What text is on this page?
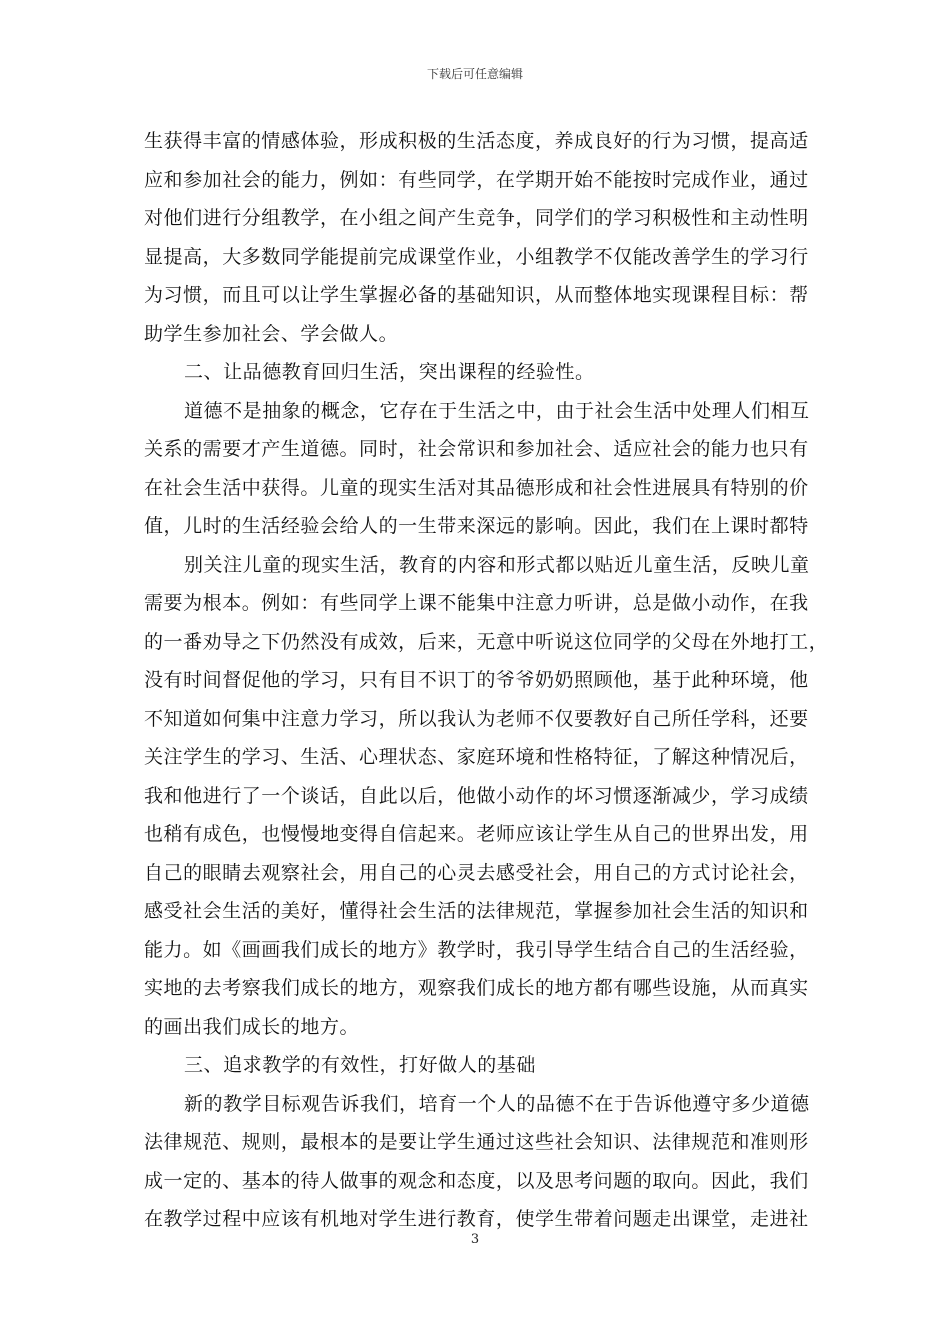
下载后可任意编辑
生获得丰富的情感体验，形成积极的生活态度，养成良好的行为习惯，提高适
应和参加社会的能力，例如：有些同学，在学期开始不能按时完成作业，通过
对他们进行分组教学，在小组之间产生竞争，同学们的学习积极性和主动性明
显提高，大多数同学能提前完成课堂作业，小组教学不仅能改善学生的学习行
为习惯，而且可以让学生掌握必备的基础知识，从而整体地实现课程目标：帮
助学生参加社会、学会做人。
二、让品德教育回归生活，突出课程的经验性。
道德不是抽象的概念，它存在于生活之中，由于社会生活中处理人们相互
关系的需要才产生道德。同时，社会常识和参加社会、适应社会的能力也只有
在社会生活中获得。儿童的现实生活对其品德形成和社会性进展具有特别的价
值，儿时的生活经验会给人的一生带来深远的影响。因此，我们在上课时都特
别关注儿童的现实生活，教育的内容和形式都以贴近儿童生活，反映儿童
需要为根本。例如：有些同学上课不能集中注意力听讲，总是做小动作，在我
的一番劝导之下仍然没有成效，后来，无意中听说这位同学的父母在外地打工，
没有时间督促他的学习，只有目不识丁的爷爷奶奶照顾他，基于此种环境，他
不知道如何集中注意力学习，所以我认为老师不仅要教好自己所任学科，还要
关注学生的学习、生活、心理状态、家庭环境和性格特征，了解这种情况后，
我和他进行了一个谈话，自此以后，他做小动作的坏习惯逐渐减少，学习成绩
也稍有成色，也慢慢地变得自信起来。老师应该让学生从自己的世界出发，用
自己的眼睛去观察社会，用自己的心灵去感受社会，用自己的方式讨论社会，
感受社会生活的美好，懂得社会生活的法律规范，掌握参加社会生活的知识和
能力。如《画画我们成长的地方》教学时，我引导学生结合自己的生活经验，
实地的去考察我们成长的地方，观察我们成长的地方都有哪些设施，从而真实
的画出我们成长的地方。
三、追求教学的有效性，打好做人的基础
新的教学目标观告诉我们，培育一个人的品德不在于告诉他遵守多少道德
法律规范、规则，最根本的是要让学生通过这些社会知识、法律规范和准则形
成一定的、基本的待人做事的观念和态度，以及思考问题的取向。因此，我们
在教学过程中应该有机地对学生进行教育，使学生带着问题走出课堂，走进社
3
